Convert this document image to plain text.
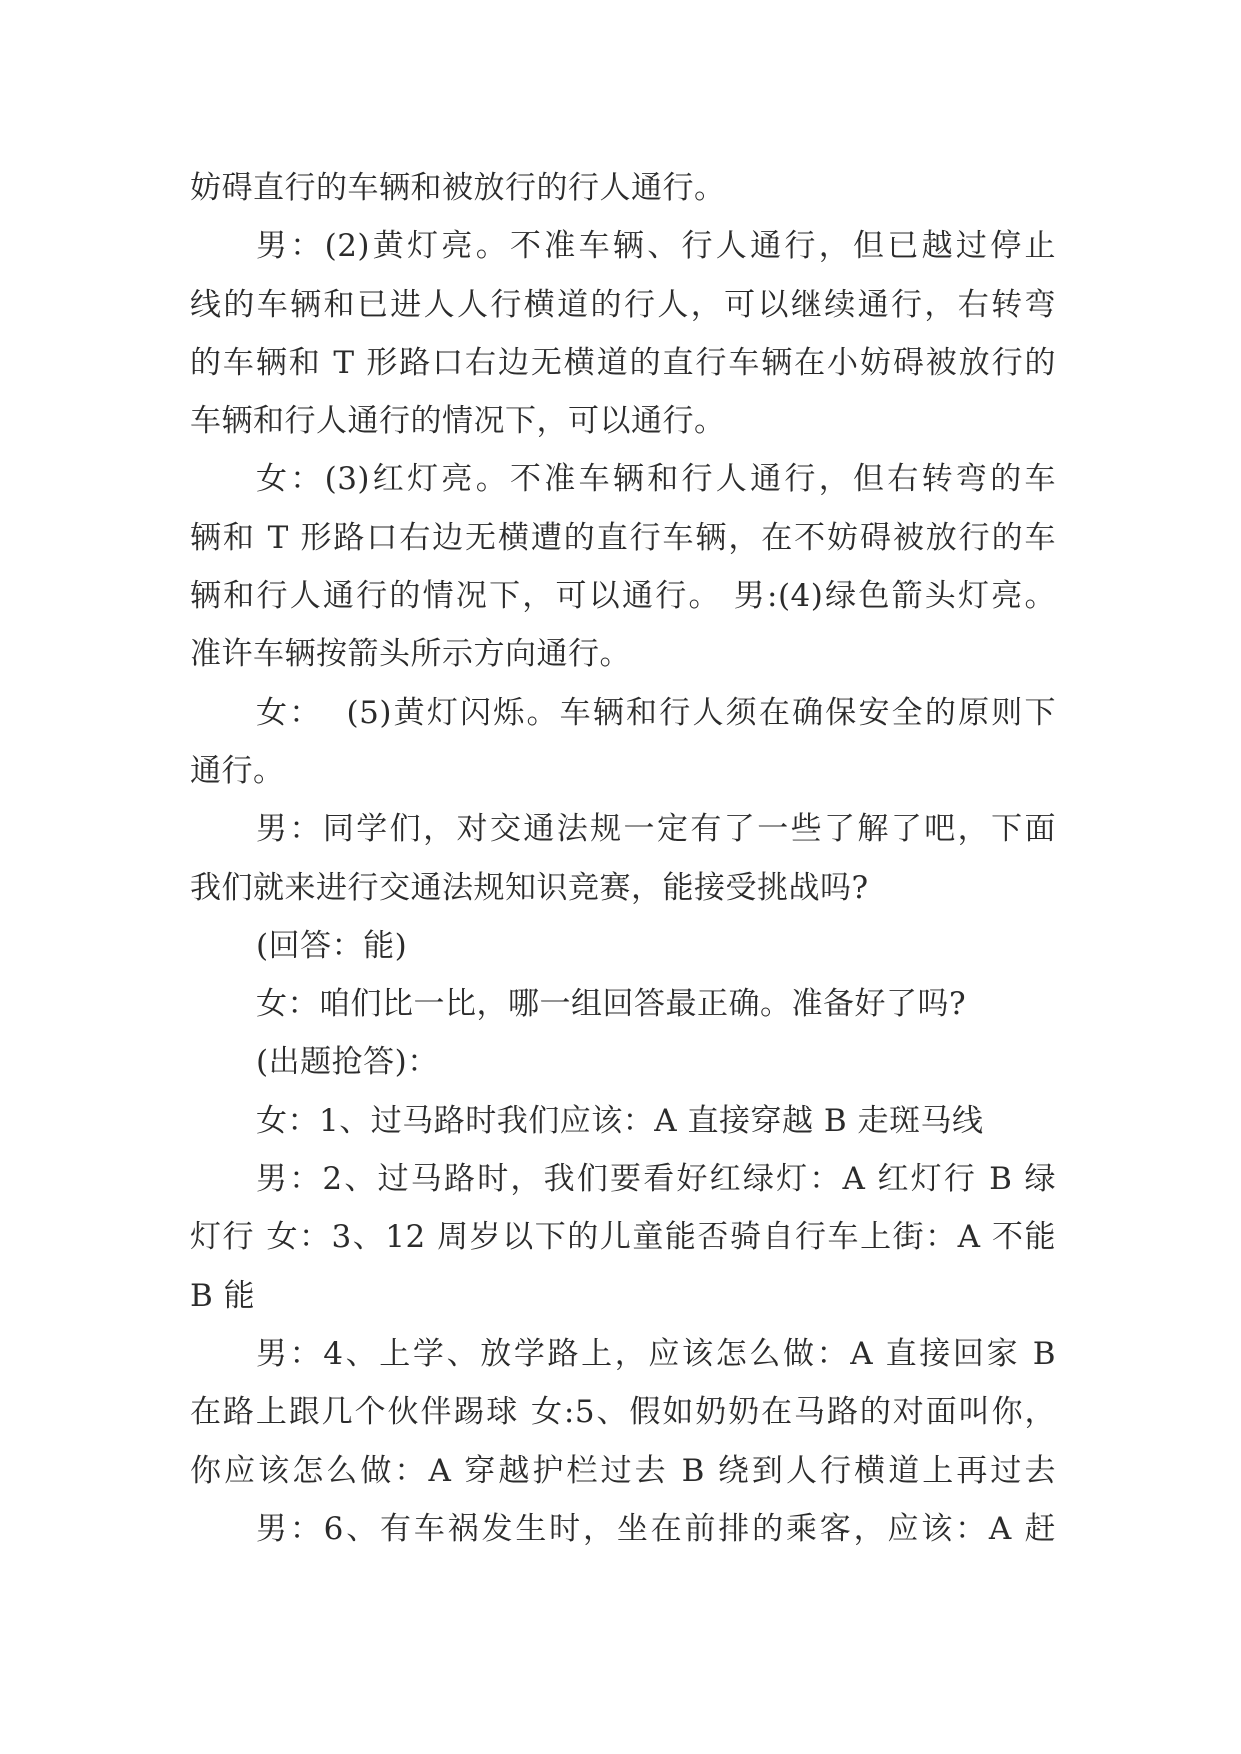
妨碍直行的车辆和被放行的行人通行。
男：(2)黄灯亮。不准车辆、行人通行，但已越过停止
线的车辆和已进人人行横道的行人，可以继续通行，右转弯
的车辆和 T 形路口右边无横道的直行车辆在小妨碍被放行的
车辆和行人通行的情况下，可以通行。
女：(3)红灯亮。不准车辆和行人通行，但右转弯的车
辆和 T 形路口右边无横遭的直行车辆，在不妨碍被放行的车
辆和行人通行的情况下，可以通行。 男:(4)绿色箭头灯亮。
准许车辆按箭头所示方向通行。
女：  (5)黄灯闪烁。车辆和行人须在确保安全的原则下
通行。
男：同学们，对交通法规一定有了一些了解了吧，下面
我们就来进行交通法规知识竞赛，能接受挑战吗?
(回答：能)
女：咱们比一比，哪一组回答最正确。准备好了吗?
(出题抢答)：
女：1、过马路时我们应该：A 直接穿越 B 走斑马线
男：2、过马路时，我们要看好红绿灯：A 红灯行 B 绿
灯行 女：3、12 周岁以下的儿童能否骑自行车上街：A 不能
B 能
男：4、上学、放学路上，应该怎么做：A 直接回家 B
在路上跟几个伙伴踢球 女:5、假如奶奶在马路的对面叫你，
你应该怎么做：A 穿越护栏过去 B 绕到人行横道上再过去
男：6、有车祸发生时，坐在前排的乘客，应该：A 赶
